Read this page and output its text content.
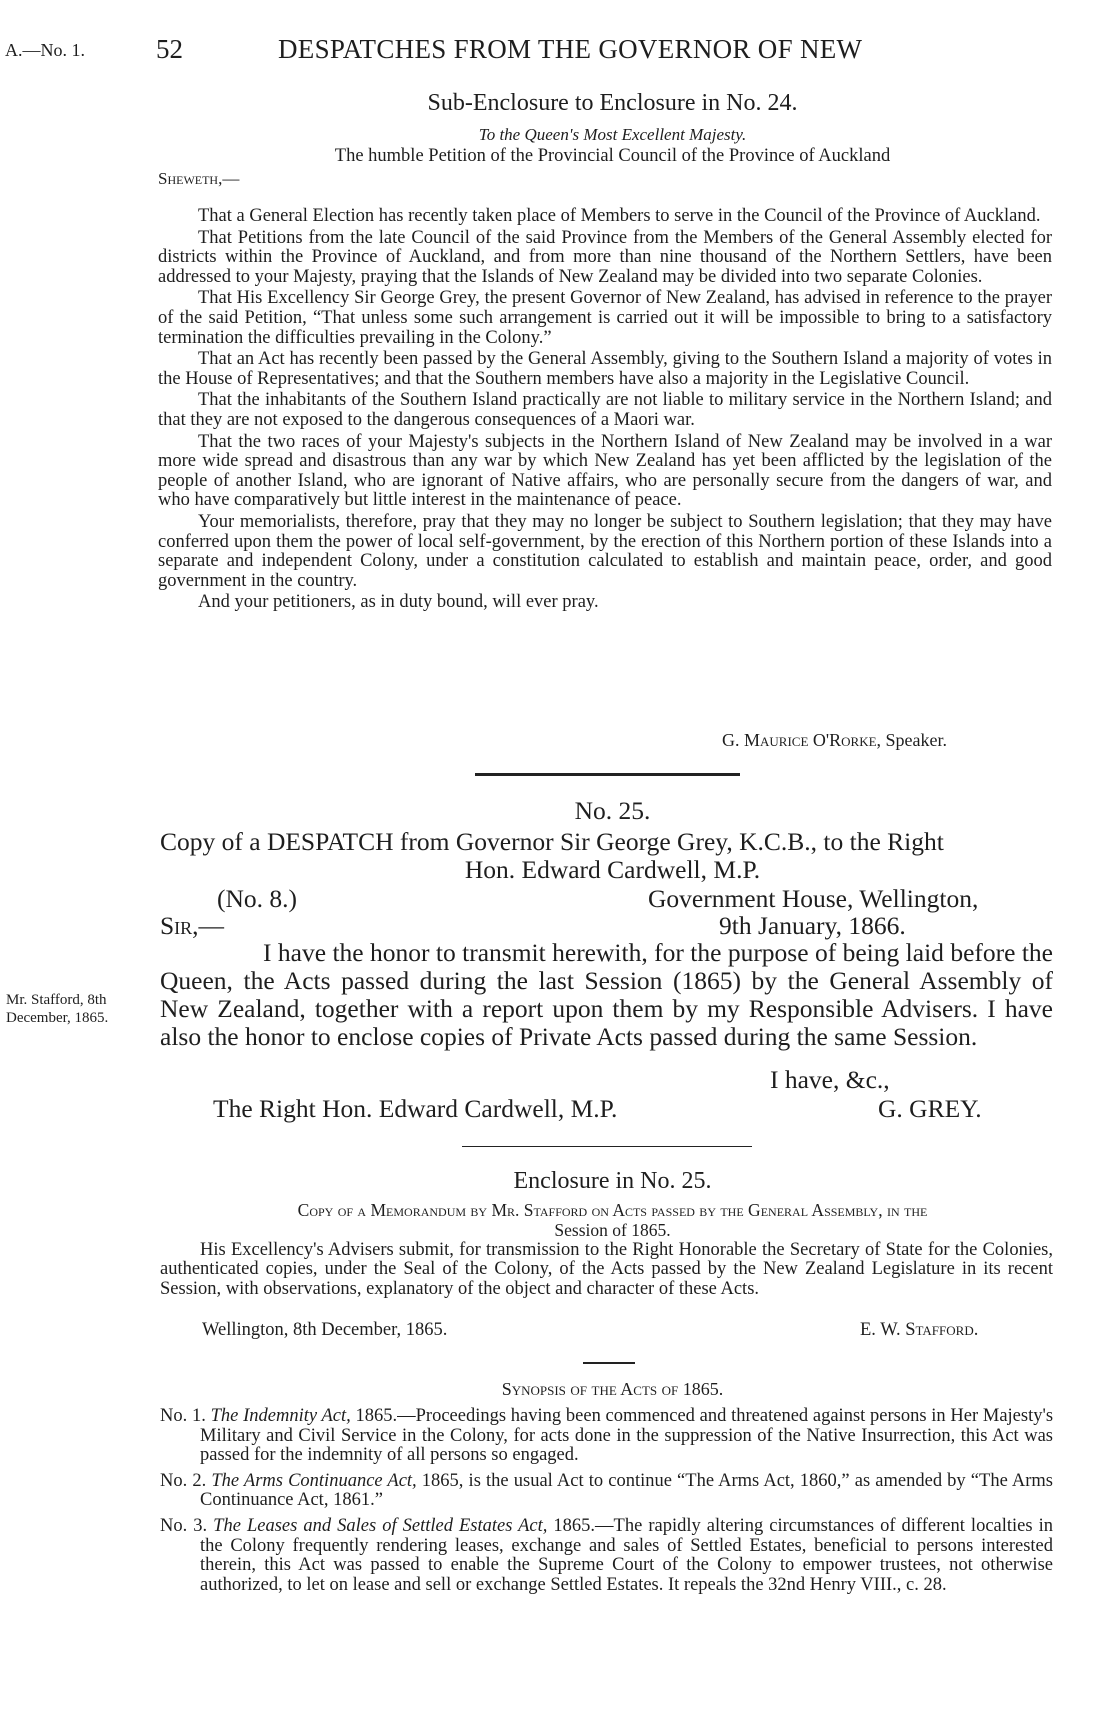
A.—No. 1.	52	DESPATCHES FROM THE GOVERNOR OF NEW
Sub-Enclosure to Enclosure in No. 24.
To the Queen's Most Excellent Majesty.
The humble Petition of the Provincial Council of the Province of Auckland
Sheweth,—

That a General Election has recently taken place of Members to serve in the Council of the Province of Auckland.

That Petitions from the late Council of the said Province from the Members of the General Assembly elected for districts within the Province of Auckland, and from more than nine thousand of the Northern Settlers, have been addressed to your Majesty, praying that the Islands of New Zealand may be divided into two separate Colonies.

That His Excellency Sir George Grey, the present Governor of New Zealand, has advised in reference to the prayer of the said Petition, “That unless some such arrangement is carried out it will be impossible to bring to a satisfactory termination the difficulties prevailing in the Colony.”

That an Act has recently been passed by the General Assembly, giving to the Southern Island a majority of votes in the House of Representatives; and that the Southern members have also a majority in the Legislative Council.

That the inhabitants of the Southern Island practically are not liable to military service in the Northern Island; and that they are not exposed to the dangerous consequences of a Maori war.

That the two races of your Majesty's subjects in the Northern Island of New Zealand may be involved in a war more wide spread and disastrous than any war by which New Zealand has yet been afflicted by the legislation of the people of another Island, who are ignorant of Native affairs, who are personally secure from the dangers of war, and who have comparatively but little interest in the maintenance of peace.

Your memorialists, therefore, pray that they may no longer be subject to Southern legislation; that they may have conferred upon them the power of local self-government, by the erection of this Northern portion of these Islands into a separate and independent Colony, under a constitution calculated to establish and maintain peace, order, and good government in the country.

And your petitioners, as in duty bound, will ever pray.

G. Maurice O'Rorke, Speaker.
No. 25.
Copy of a DESPATCH from Governor Sir George Grey, K.C.B., to the Right
Hon. Edward Cardwell, M.P.
(No. 8.)	Government House, Wellington,
Sir,—	9th January, 1866.
I have the honor to transmit herewith, for the purpose of being laid before the Queen, the Acts passed during the last Session (1865) by the General Assembly of New Zealand, together with a report upon them by my Responsible Advisers. I have also the honor to enclose copies of Private Acts passed during the same Session.
Mr. Stafford, 8th
December, 1865.
I have, &c.,
The Right Hon. Edward Cardwell, M.P.	G. GREY.
Enclosure in No. 25.
Copy of a Memorandum by Mr. Stafford on Acts passed by the General Assembly, in the
Session of 1865.
His Excellency's Advisers submit, for transmission to the Right Honorable the Secretary of State for the Colonies, authenticated copies, under the Seal of the Colony, of the Acts passed by the New Zealand Legislature in its recent Session, with observations, explanatory of the object and character of these Acts.
Wellington, 8th December, 1865.	E. W. Stafford.
Synopsis of the Acts of 1865.

No. 1. The Indemnity Act, 1865.—Proceedings having been commenced and threatened against persons in Her Majesty's Military and Civil Service in the Colony, for acts done in the suppression of the Native Insurrection, this Act was passed for the indemnity of all persons so engaged.

No. 2. The Arms Continuance Act, 1865, is the usual Act to continue “The Arms Act, 1860,” as amended by “The Arms Continuance Act, 1861.”

No. 3. The Leases and Sales of Settled Estates Act, 1865.—The rapidly altering circumstances of different localties in the Colony frequently rendering leases, exchange and sales of Settled Estates, beneficial to persons interested therein, this Act was passed to enable the Supreme Court of the Colony to empower trustees, not otherwise authorized, to let on lease and sell or exchange Settled Estates. It repeals the 32nd Henry VIII., c. 28.
